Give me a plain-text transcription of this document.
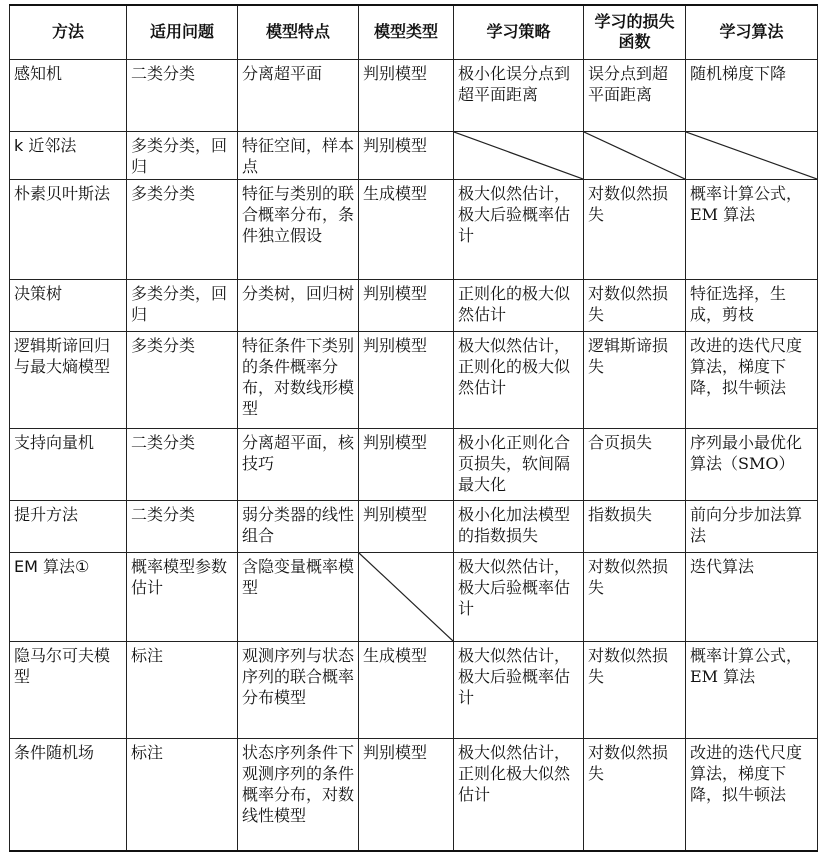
方法	适用问题	模型特点	模型类型	学习策略	学习的损失函数	学习算法

感知机	二类分类	分离超平面	判别模型	极小化误分点到超平面距离	误分点到超平面距离	随机梯度下降

k 近邻法	多类分类，回归	特征空间，样本点	判别模型

朴素贝叶斯法	多类分类	特征与类别的联合概率分布，条件独立假设	生成模型	极大似然估计，极大后验概率估计	对数似然损失	概率计算公式，EM 算法

决策树	多类分类，回归	分类树，回归树	判别模型	正则化的极大似然估计	对数似然损失	特征选择，生成，剪枝

逻辑斯谛回归与最大熵模型	多类分类	特征条件下类别的条件概率分布，对数线形模型	判别模型	极大似然估计，正则化的极大似然估计	逻辑斯谛损失	改进的迭代尺度算法，梯度下降，拟牛顿法

支持向量机	二类分类	分离超平面，核技巧	判别模型	极小化正则化合页损失，软间隔最大化	合页损失	序列最小最优化算法（SMO）

提升方法	二类分类	弱分类器的线性组合	判别模型	极小化加法模型的指数损失	指数损失	前向分步加法算法

EM 算法①	概率模型参数估计	含隐变量概率模型		极大似然估计，极大后验概率估计	对数似然损失	迭代算法

隐马尔可夫模型	标注	观测序列与状态序列的联合概率分布模型	生成模型	极大似然估计，极大后验概率估计	对数似然损失	概率计算公式，EM 算法

条件随机场	标注	状态序列条件下观测序列的条件概率分布，对数线性模型	判别模型	极大似然估计，正则化极大似然估计	对数似然损失	改进的迭代尺度算法，梯度下降，拟牛顿法
